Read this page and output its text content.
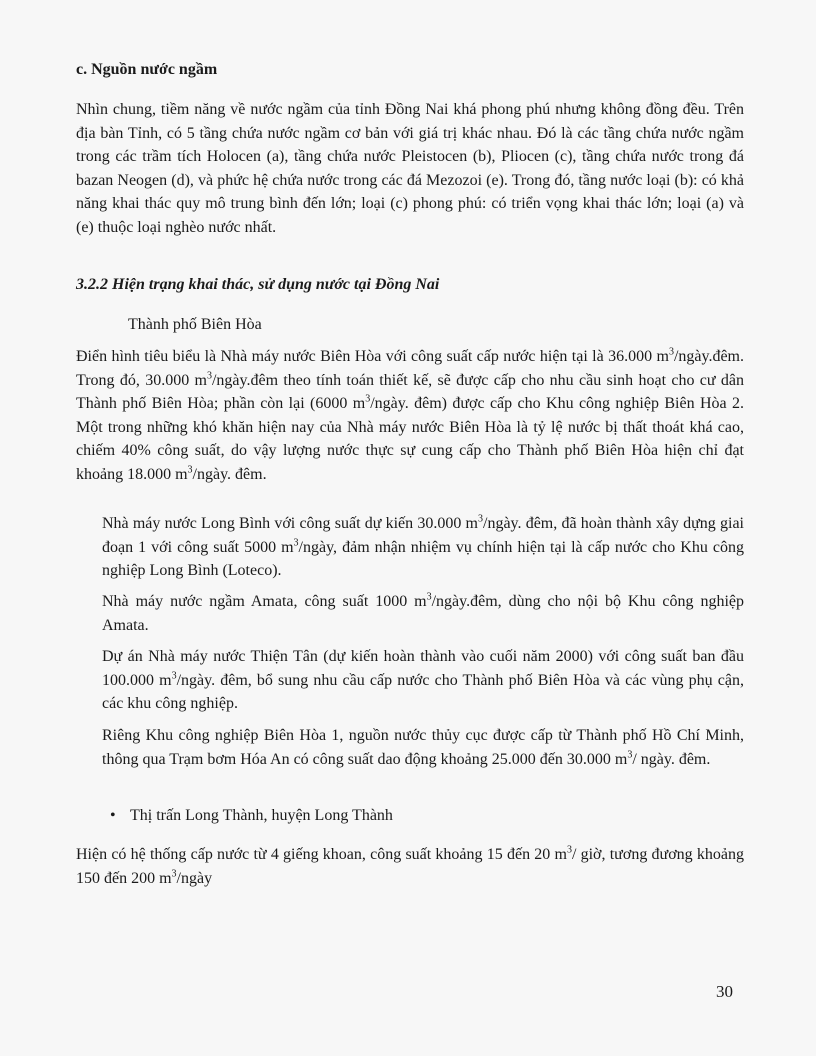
c. Nguồn nước ngầm

Nhìn chung, tiềm năng về nước ngầm của tỉnh Đồng Nai khá phong phú nhưng không đồng đều. Trên địa bàn Tỉnh, có 5 tầng chứa nước ngầm cơ bản với giá trị khác nhau. Đó là các tầng chứa nước ngầm trong các trầm tích Holocen (a), tầng chứa nước Pleistocen (b), Pliocen (c), tầng chứa nước trong đá bazan Neogen (d), và phức hệ chứa nước trong các đá Mezozoi (e). Trong đó, tầng nước loại (b): có khả năng khai thác quy mô trung bình đến lớn; loại (c) phong phú: có triển vọng khai thác lớn; loại (a) và (e) thuộc loại nghèo nước nhất.

3.2.2 Hiện trạng khai thác, sử dụng nước tại Đồng Nai

Thành phố Biên Hòa

Điển hình tiêu biểu là Nhà máy nước Biên Hòa với công suất cấp nước hiện tại là 36.000 $m^3/ngày.đêm$. Trong đó, 30.000 $m^3/ngày.đêm$ theo tính toán thiết kế, sẽ được cấp cho nhu cầu sinh hoạt cho cư dân Thành phố Biên Hòa; phần còn lại (6000 $m^3$/ngày. đêm) được cấp cho Khu công nghiệp Biên Hòa 2. Một trong những khó khăn hiện nay của Nhà máy nước Biên Hòa là tỷ lệ nước bị thất thoát khá cao, chiếm 40% công suất, do vậy lượng nước thực sự cung cấp cho Thành phố Biên Hòa hiện chỉ đạt khoảng 18.000 $m^3$/ngày. đêm.

Nhà máy nước Long Bình với công suất dự kiến 30.000 $m^3$/ngày. đêm, đã hoàn thành xây dựng giai đoạn 1 với công suất 5000 $m^3$/ngày, đảm nhận nhiệm vụ chính hiện tại là cấp nước cho Khu công nghiệp Long Bình (Loteco).

Nhà máy nước ngầm Amata, công suất 1000 $m^3/ngày.đêm$, dùng cho nội bộ Khu công nghiệp Amata.

Dự án Nhà máy nước Thiện Tân (dự kiến hoàn thành vào cuối năm 2000) với công suất ban đầu 100.000 $m^3$/ngày. đêm, bổ sung nhu cầu cấp nước cho Thành phố Biên Hòa và các vùng phụ cận, các khu công nghiệp.

Riêng Khu công nghiệp Biên Hòa 1, nguồn nước thủy cục được cấp từ Thành phố Hồ Chí Minh, thông qua Trạm bơm Hóa An có công suất dao động khoảng 25.000 đến 30.000 $m^3/$ ngày. đêm.

• Thị trấn Long Thành, huyện Long Thành

Hiện có hệ thống cấp nước từ 4 giếng khoan, công suất khoảng 15 đến 20 $m^3/$ giờ, tương đương khoảng 150 đến 200 $m^3$/ngày

30
